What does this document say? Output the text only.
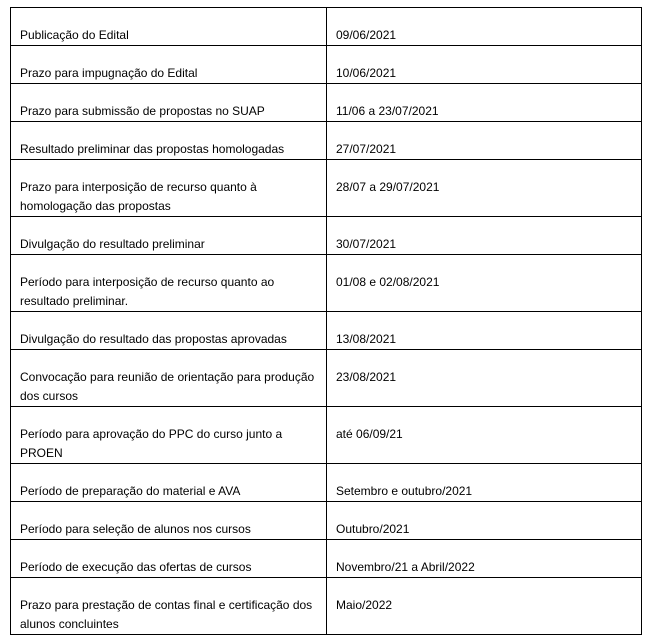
Publicação do Edital	09/06/2021

Prazo para impugnação do Edital	10/06/2021

Prazo para submissão de propostas no SUAP	11/06 a 23/07/2021

Resultado preliminar das propostas homologadas	27/07/2021

Prazo para interposição de recurso quanto à homologação das propostas	28/07 a 29/07/2021

Divulgação do resultado preliminar	30/07/2021

Período para interposição de recurso quanto ao resultado preliminar.	01/08 e 02/08/2021

Divulgação do resultado das propostas aprovadas	13/08/2021

Convocação para reunião de orientação para produção dos cursos	23/08/2021

Período para aprovação do PPC do curso junto a PROEN	até 06/09/21

Período de preparação do material e AVA	Setembro e outubro/2021

Período para seleção de alunos nos cursos	Outubro/2021

Período de execução das ofertas de cursos	Novembro/21 a Abril/2022

Prazo para prestação de contas final e certificação dos alunos concluintes	Maio/2022
